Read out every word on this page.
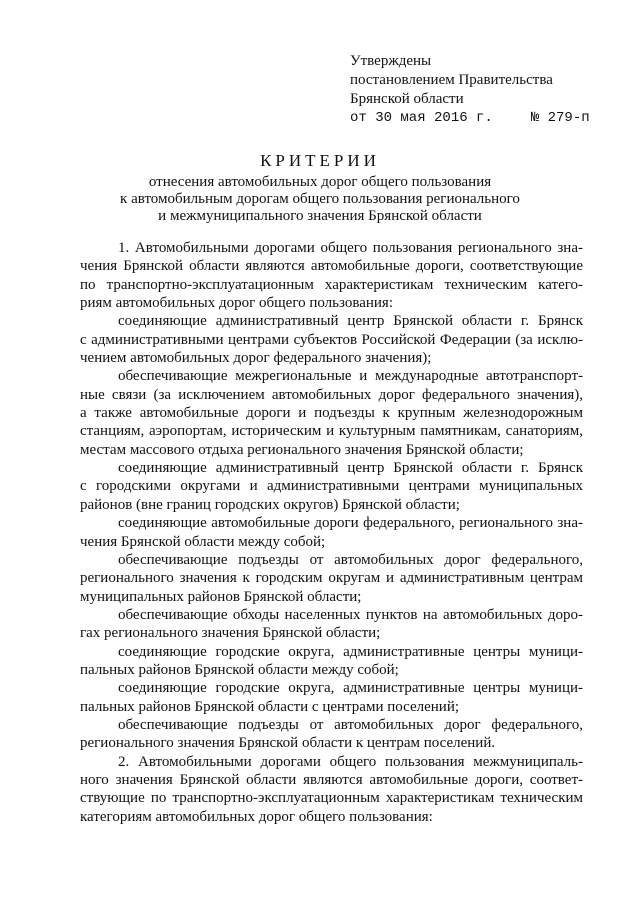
Утверждены
постановлением Правительства
Брянской области
от 30 мая 2016 г.	№ 279-п
КРИТЕРИИ
отнесения автомобильных дорог общего пользования
к автомобильным дорогам общего пользования регионального
и межмуниципального значения Брянской области
1. Автомобильными дорогами общего пользования регионального зна-
чения Брянской области являются автомобильные дороги, соответствующие
по транспортно-эксплуатационным характеристикам техническим катего-
риям автомобильных дорог общего пользования:
соединяющие административный центр Брянской области г. Брянск
с административными центрами субъектов Российской Федерации (за исклю-
чением автомобильных дорог федерального значения);
обеспечивающие межрегиональные и международные автотранспорт-
ные связи (за исключением автомобильных дорог федерального значения),
а также автомобильные дороги и подъезды к крупным железнодорожным
станциям, аэропортам, историческим и культурным памятникам, санаториям,
местам массового отдыха регионального значения Брянской области;
соединяющие административный центр Брянской области г. Брянск
с городскими округами и административными центрами муниципальных
районов (вне границ городских округов) Брянской области;
соединяющие автомобильные дороги федерального, регионального зна-
чения Брянской области между собой;
обеспечивающие подъезды от автомобильных дорог федерального,
регионального значения к городским округам и административным центрам
муниципальных районов Брянской области;
обеспечивающие обходы населенных пунктов на автомобильных доро-
гах регионального значения Брянской области;
соединяющие городские округа, административные центры муници-
пальных районов Брянской области между собой;
соединяющие городские округа, административные центры муници-
пальных районов Брянской области с центрами поселений;
обеспечивающие подъезды от автомобильных дорог федерального,
регионального значения Брянской области к центрам поселений.
2. Автомобильными дорогами общего пользования межмуниципаль-
ного значения Брянской области являются автомобильные дороги, соответ-
ствующие по транспортно-эксплуатационным характеристикам техническим
категориям автомобильных дорог общего пользования:
